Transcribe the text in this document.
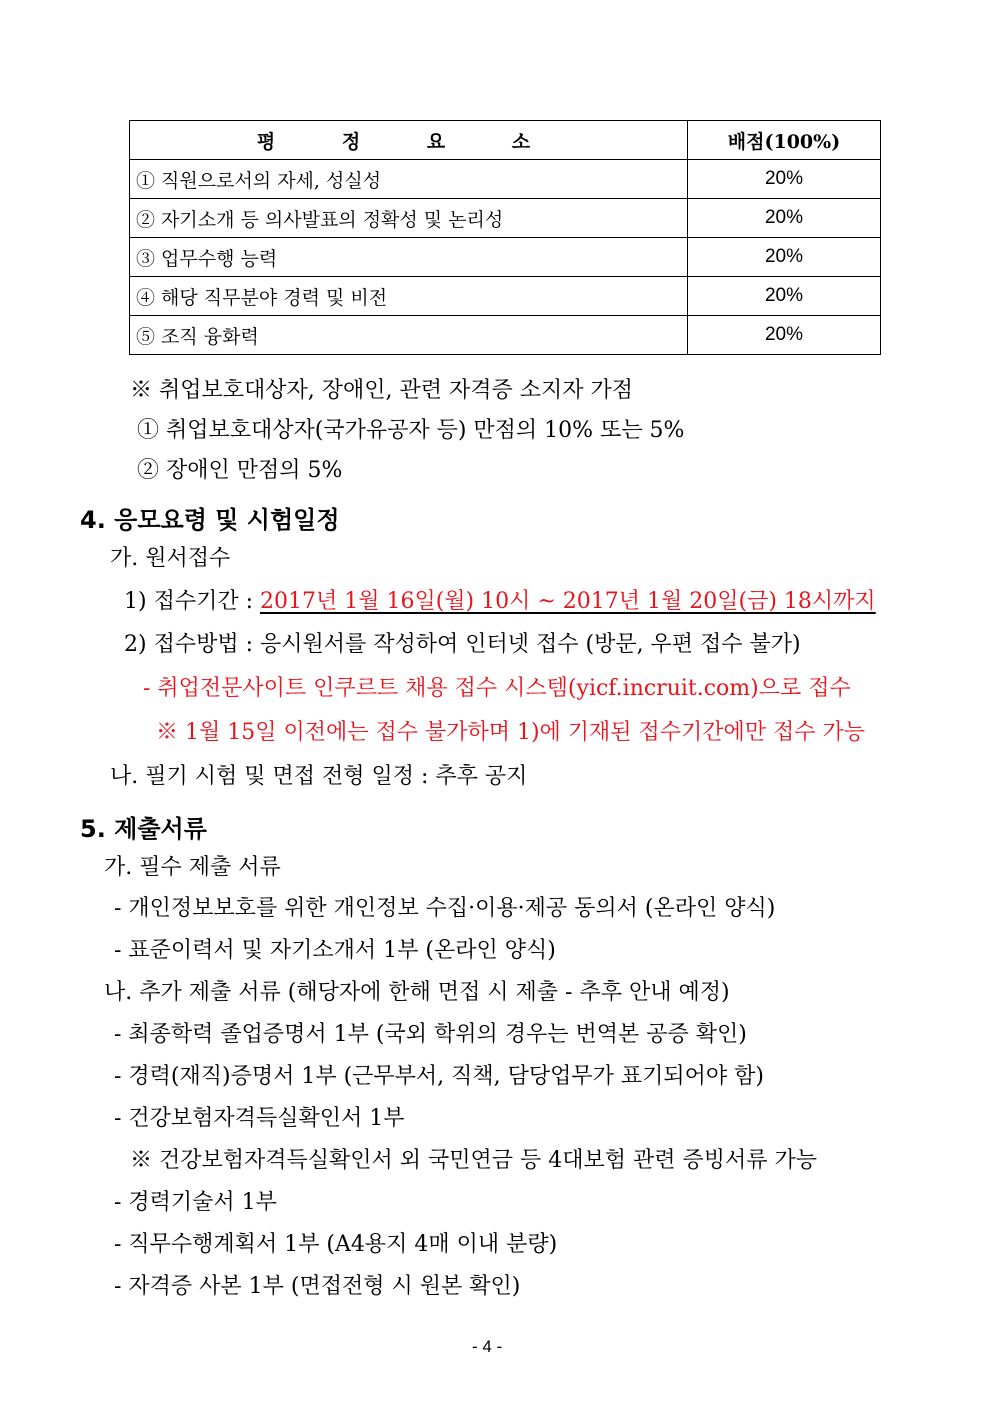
평 정 요 소	배점(100%)
① 직원으로서의 자세, 성실성	20%
② 자기소개 등 의사발표의 정확성 및 논리성	20%
③ 업무수행 능력	20%
④ 해당 직무분야 경력 및 비전	20%
⑤ 조직 융화력	20%
※ 취업보호대상자, 장애인, 관련 자격증 소지자 가점
① 취업보호대상자(국가유공자 등) 만점의 10% 또는 5%
② 장애인 만점의 5%
4. 응모요령 및 시험일정
가. 원서접수
1) 접수기간 : 2017년 1월 16일(월) 10시 ~ 2017년 1월 20일(금) 18시까지
2) 접수방법 : 응시원서를 작성하여 인터넷 접수 (방문, 우편 접수 불가)
- 취업전문사이트 인쿠르트 채용 접수 시스템(yicf.incruit.com)으로 접수
※ 1월 15일 이전에는 접수 불가하며 1)에 기재된 접수기간에만 접수 가능
나. 필기 시험 및 면접 전형 일정 : 추후 공지
5. 제출서류
가. 필수 제출 서류
- 개인정보보호를 위한 개인정보 수집·이용·제공 동의서 (온라인 양식)
- 표준이력서 및 자기소개서 1부 (온라인 양식)
나. 추가 제출 서류 (해당자에 한해 면접 시 제출 - 추후 안내 예정)
- 최종학력 졸업증명서 1부 (국외 학위의 경우는 번역본 공증 확인)
- 경력(재직)증명서 1부 (근무부서, 직책, 담당업무가 표기되어야 함)
- 건강보험자격득실확인서 1부
※ 건강보험자격득실확인서 외 국민연금 등 4대보험 관련 증빙서류 가능
- 경력기술서 1부
- 직무수행계획서 1부 (A4용지 4매 이내 분량)
- 자격증 사본 1부 (면접전형 시 원본 확인)
- 4 -
